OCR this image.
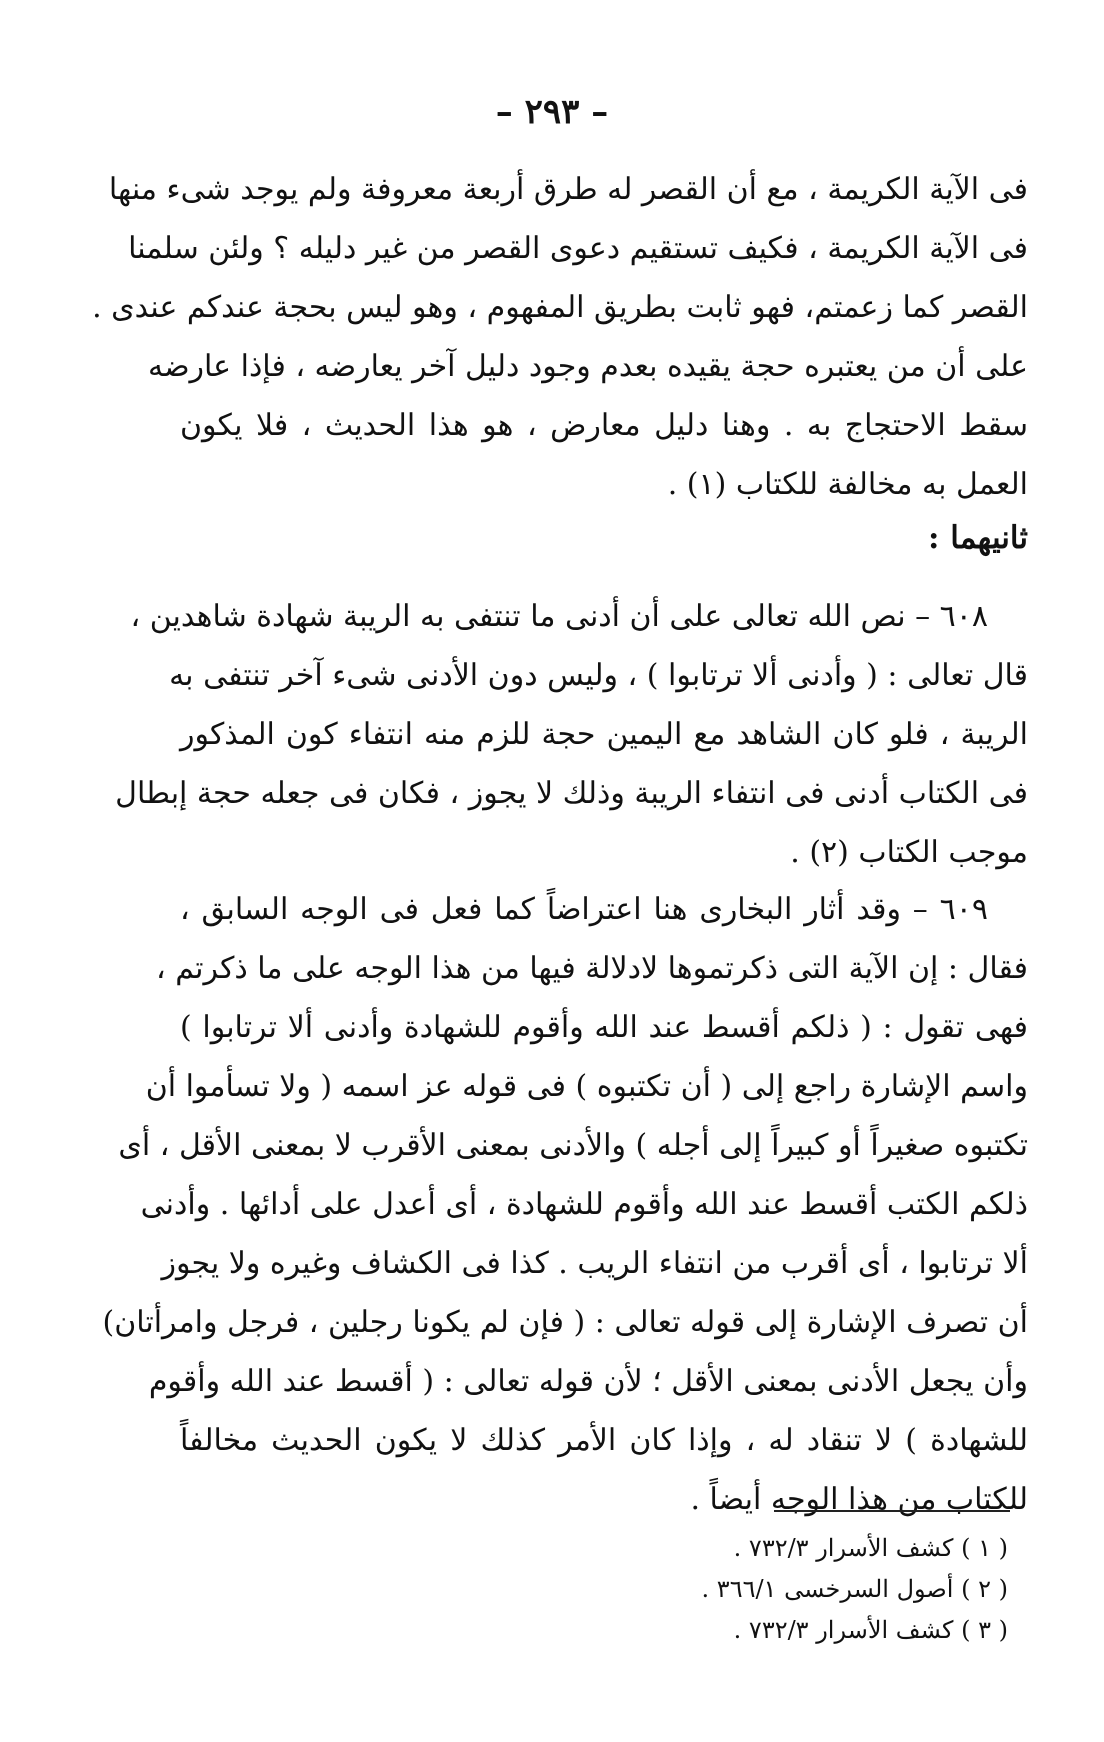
– ٢٩٣ –
فى الآية الكريمة ، مع أن القصر له طرق أربعة معروفة ولم يوجد شىء منها
فى الآية الكريمة ، فكيف تستقيم دعوى القصر من غير دليله ؟ ولئن سلمنا
القصر كما زعمتم، فهو ثابت بطريق المفهوم ، وهو ليس بحجة عندكم عندى .
على أن من يعتبره حجة يقيده بعدم وجود دليل آخر يعارضه ، فإذا عارضه
سقط الاحتجاج به . وهنا دليل معارض ، هو هذا الحديث ، فلا يكون
العمل به مخالفة للكتاب (١) .
ثانيهما :
٦٠٨ – نص الله تعالى على أن أدنى ما تنتفى به الريبة شهادة شاهدين ،
قال تعالى : ( وأدنى ألا ترتابوا ) ، وليس دون الأدنى شىء آخر تنتفى به
الريبة ، فلو كان الشاهد مع اليمين حجة للزم منه انتفاء كون المذكور
فى الكتاب أدنى فى انتفاء الريبة وذلك لا يجوز ، فكان فى جعله حجة إبطال
موجب الكتاب (٢) .
٦٠٩ – وقد أثار البخارى هنا اعتراضاً كما فعل فى الوجه السابق ،
فقال : إن الآية التى ذكرتموها لادلالة فيها من هذا الوجه على ما ذكرتم ،
فهى تقول : ( ذلكم أقسط عند الله وأقوم للشهادة وأدنى ألا ترتابوا )
واسم الإشارة راجع إلى ( أن تكتبوه ) فى قوله عز اسمه ( ولا تسأموا أن
تكتبوه صغيراً أو كبيراً إلى أجله ) والأدنى بمعنى الأقرب لا بمعنى الأقل ، أى
ذلكم الكتب أقسط عند الله وأقوم للشهادة ، أى أعدل على أدائها . وأدنى
ألا ترتابوا ، أى أقرب من انتفاء الريب . كذا فى الكشاف وغيره ولا يجوز
أن تصرف الإشارة إلى قوله تعالى : ( فإن لم يكونا رجلين ، فرجل وامرأتان)
وأن يجعل الأدنى بمعنى الأقل ؛ لأن قوله تعالى : ( أقسط عند الله وأقوم
للشهادة ) لا تنقاد له ، وإذا كان الأمر كذلك لا يكون الحديث مخالفاً
للكتاب من هذا الوجه أيضاً .
( ١ ) كشف الأسرار ٧٣٢/٣ .
( ٢ ) أصول السرخسى ٣٦٦/١ .
( ٣ ) كشف الأسرار ٧٣٢/٣ .
